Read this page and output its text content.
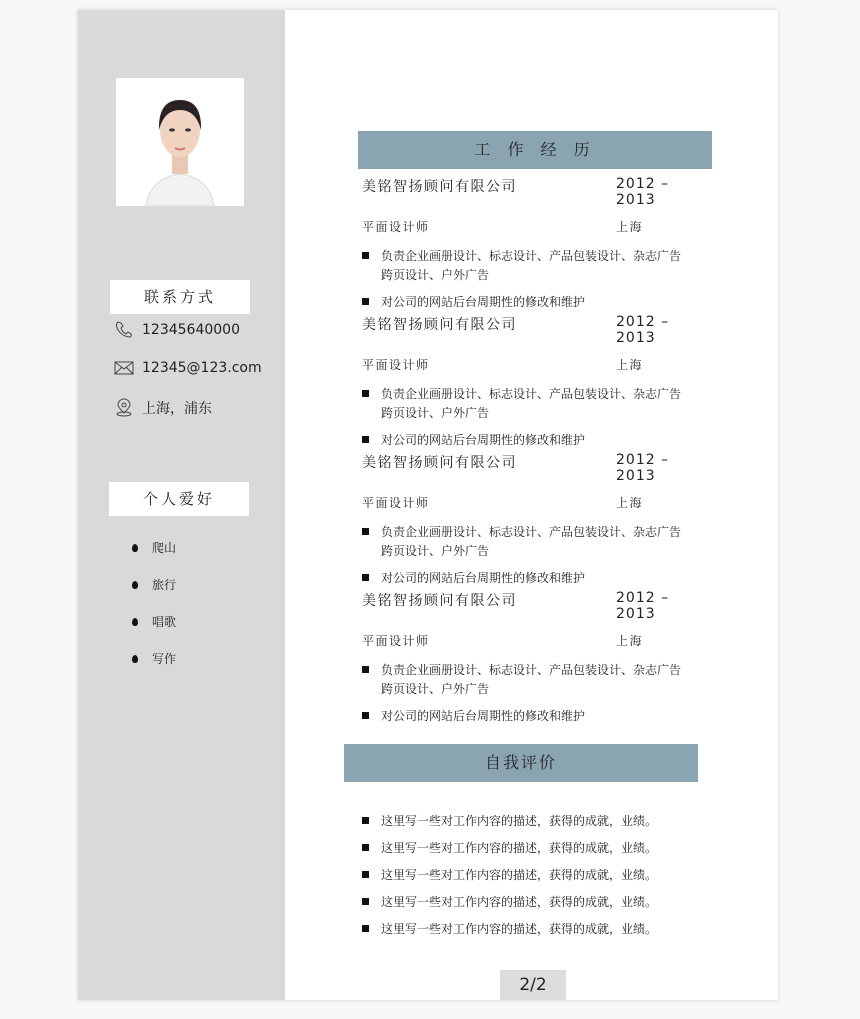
联系方式
12345640000
12345@123.com
上海，浦东
个人爱好
爬山
旅行
唱歌
写作
工 作 经 历
美铭智扬顾问有限公司	2012 – 2013
平面设计师	上海
负责企业画册设计、标志设计、产品包装设计、杂志广告跨页设计、户外广告
对公司的网站后台周期性的修改和维护
美铭智扬顾问有限公司	2012 – 2013
平面设计师	上海
负责企业画册设计、标志设计、产品包装设计、杂志广告跨页设计、户外广告
对公司的网站后台周期性的修改和维护
美铭智扬顾问有限公司	2012 – 2013
平面设计师	上海
负责企业画册设计、标志设计、产品包装设计、杂志广告跨页设计、户外广告
对公司的网站后台周期性的修改和维护
美铭智扬顾问有限公司	2012 – 2013
平面设计师	上海
负责企业画册设计、标志设计、产品包装设计、杂志广告跨页设计、户外广告
对公司的网站后台周期性的修改和维护
自我评价
这里写一些对工作内容的描述，获得的成就，业绩。
这里写一些对工作内容的描述，获得的成就，业绩。
这里写一些对工作内容的描述，获得的成就，业绩。
这里写一些对工作内容的描述，获得的成就，业绩。
这里写一些对工作内容的描述，获得的成就，业绩。
2/2
